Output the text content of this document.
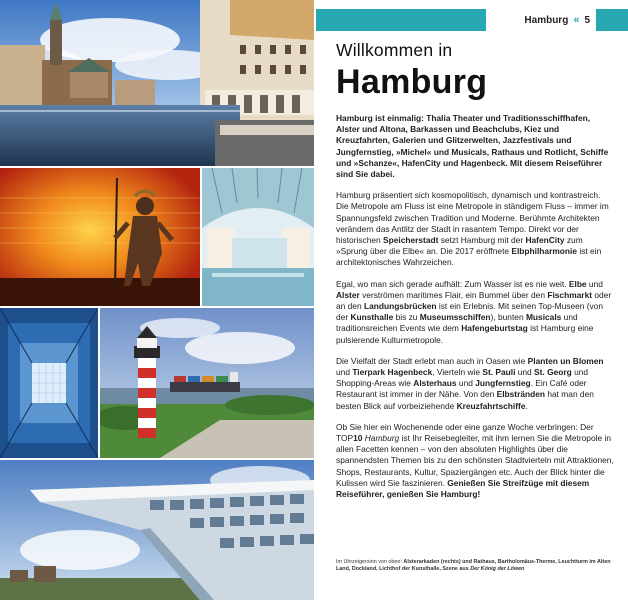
Hamburg « 5
Willkommen in
Hamburg

Hamburg ist einmalig: Thalia Theater und Traditionsschiffhafen, Alster und Altona, Barkassen und Beachclubs, Kiez und Kreuzfahrten, Galerien und Glitzerwelten, Jazzfestivals und Jungfernstieg, »Michel« und Musicals, Rathaus und Rotlicht, Schiffe und »Schanze«, HafenCity und Hagenbeck. Mit diesem Reiseführer sind Sie dabei.

Hamburg präsentiert sich kosmopolitisch, dynamisch und kontrastreich. Die Metropole am Fluss ist eine Metropole in ständigem Fluss – immer im Spannungsfeld zwischen Tradition und Moderne. Berühmte Architekten verändern das Antlitz der Stadt in rasantem Tempo. Direkt vor der historischen Speicherstadt setzt Hamburg mit der HafenCity zum »Sprung über die Elbe« an. Die 2017 eröffnete Elbphilharmonie ist ein architektonisches Wahrzeichen.

Egal, wo man sich gerade aufhält: Zum Wasser ist es nie weit. Elbe und Alster verströmen maritimes Flair, ein Bummel über den Fischmarkt oder an den Landungsbrücken ist ein Erlebnis. Mit seinen Top-Museen (von der Kunsthalle bis zu Museumsschiffen), bunten Musicals und traditionsreichen Events wie dem Hafengeburtstag ist Hamburg eine pulsierende Kulturmetropole.

Die Vielfalt der Stadt erlebt man auch in Oasen wie Planten un Blomen und Tierpark Hagenbeck, Vierteln wie St. Pauli und St. Georg und Shopping-Areas wie Alsterhaus und Jungfernstieg. Ein Café oder Restaurant ist immer in der Nähe. Von den Elbstränden hat man den besten Blick auf vorbeiziehende Kreuzfahrtschiffe.

Ob Sie hier ein Wochenende oder eine ganze Woche verbringen: Der TOP10 Hamburg ist Ihr Reisebegleiter, mit ihm lernen Sie die Metropole in allen Facetten kennen – von den absoluten Highlights über die spannendsten Themen bis zu den schönsten Stadtvierteln mit Attraktionen, Shops, Restaurants, Kultur, Spaziergängen etc. Auch der Blick hinter die Kulissen wird Sie faszinieren. Genießen Sie Streifzüge mit diesem Reiseführer, genießen Sie Hamburg!

Im Uhrzeigersinn von oben: Alsterarkaden (rechts) und Rathaus, Bartholomäus-Therme, Leuchtturm im Alten Land, Dockland, Lichthof der Kunsthalle, Szene aus Der König der Löwen
